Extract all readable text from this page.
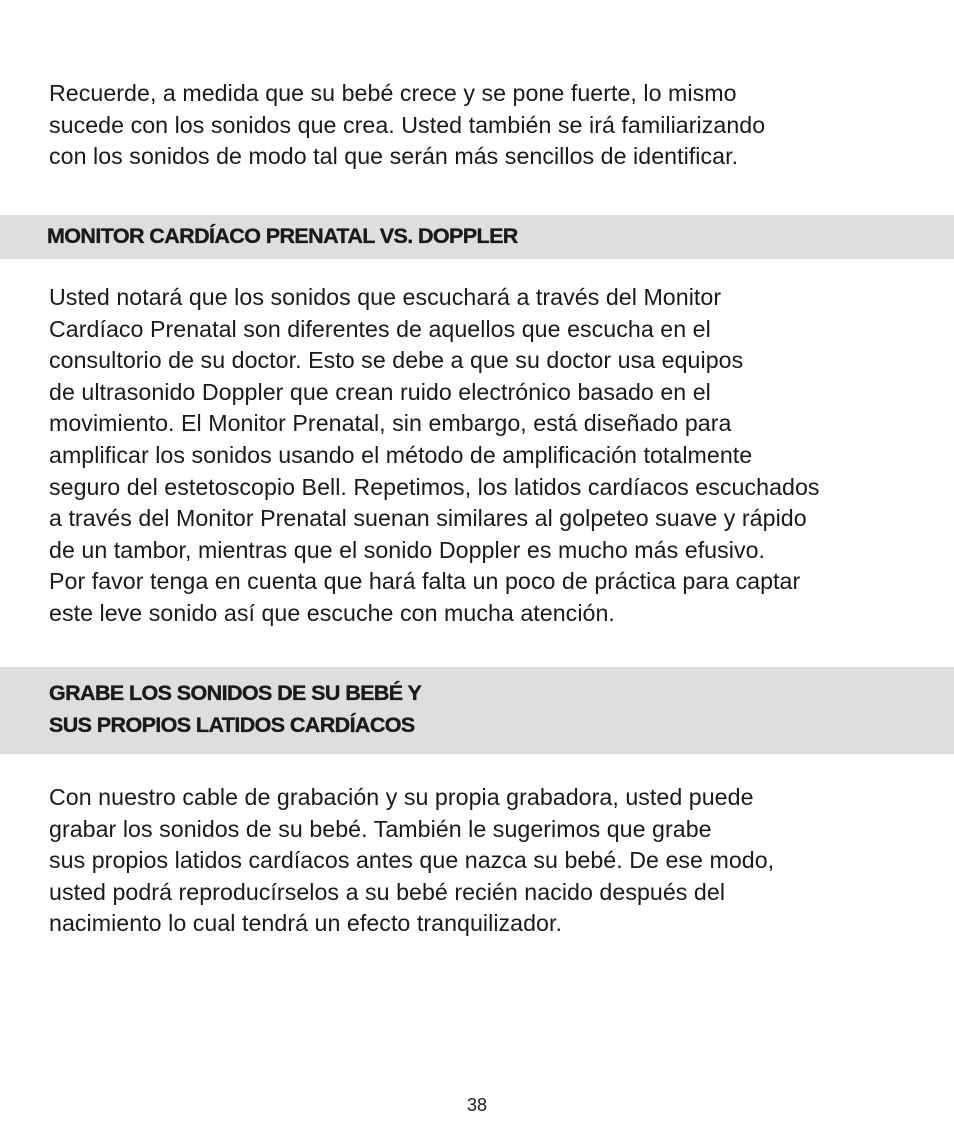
Recuerde, a medida que su bebé crece y se pone fuerte, lo mismo
sucede con los sonidos que crea. Usted también se irá familiarizando
con los sonidos de modo tal que serán más sencillos de identificar.

MONITOR CARDÍACO PRENATAL VS. DOPPLER

Usted notará que los sonidos que escuchará a través del Monitor
Cardíaco Prenatal son diferentes de aquellos que escucha en el
consultorio de su doctor. Esto se debe a que su doctor usa equipos
de ultrasonido Doppler que crean ruido electrónico basado en el
movimiento. El Monitor Prenatal, sin embargo, está diseñado para
amplificar los sonidos usando el método de amplificación totalmente
seguro del estetoscopio Bell. Repetimos, los latidos cardíacos escuchados
a través del Monitor Prenatal suenan similares al golpeteo suave y rápido
de un tambor, mientras que el sonido Doppler es mucho más efusivo.
Por favor tenga en cuenta que hará falta un poco de práctica para captar
este leve sonido así que escuche con mucha atención.

GRABE LOS SONIDOS DE SU BEBÉ Y
SUS PROPIOS LATIDOS CARDÍACOS

Con nuestro cable de grabación y su propia grabadora, usted puede
grabar los sonidos de su bebé. También le sugerimos que grabe
sus propios latidos cardíacos antes que nazca su bebé. De ese modo,
usted podrá reproducírselos a su bebé recién nacido después del
nacimiento lo cual tendrá un efecto tranquilizador.

38
